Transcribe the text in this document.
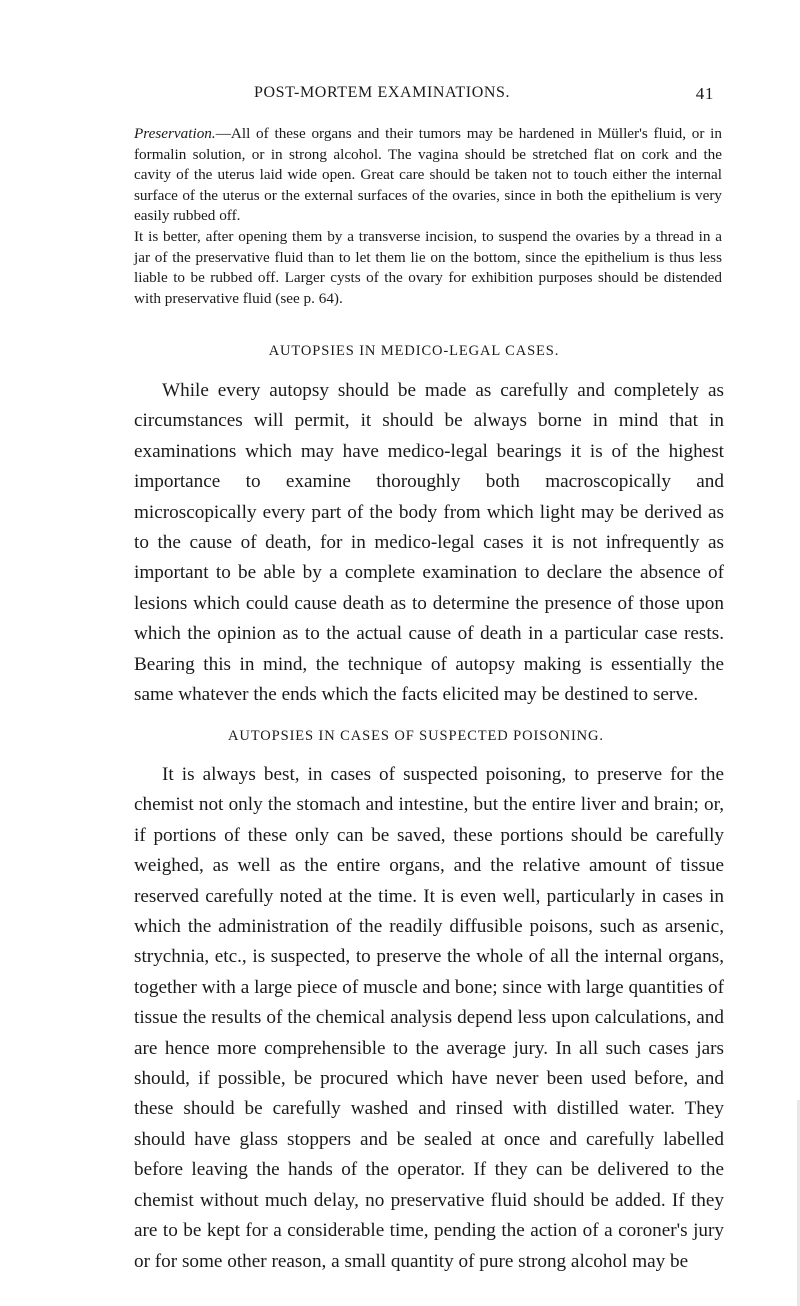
POST-MORTEM EXAMINATIONS.	41

Preservation.—All of these organs and their tumors may be hardened in Müller's fluid, or in formalin solution, or in strong alcohol. The vagina should be stretched flat on cork and the cavity of the uterus laid wide open. Great care should be taken not to touch either the internal surface of the uterus or the external surfaces of the ovaries, since in both the epithelium is very easily rubbed off.

It is better, after opening them by a transverse incision, to suspend the ovaries by a thread in a jar of the preservative fluid than to let them lie on the bottom, since the epithelium is thus less liable to be rubbed off. Larger cysts of the ovary for exhibition purposes should be distended with preservative fluid (see p. 64).

AUTOPSIES IN MEDICO-LEGAL CASES.

While every autopsy should be made as carefully and completely as circumstances will permit, it should be always borne in mind that in examinations which may have medico-legal bearings it is of the highest importance to examine thoroughly both macroscopically and microscopically every part of the body from which light may be derived as to the cause of death, for in medico-legal cases it is not infrequently as important to be able by a complete examination to declare the absence of lesions which could cause death as to determine the presence of those upon which the opinion as to the actual cause of death in a particular case rests. Bearing this in mind, the technique of autopsy making is essentially the same whatever the ends which the facts elicited may be destined to serve.

AUTOPSIES IN CASES OF SUSPECTED POISONING.

It is always best, in cases of suspected poisoning, to preserve for the chemist not only the stomach and intestine, but the entire liver and brain; or, if portions of these only can be saved, these portions should be carefully weighed, as well as the entire organs, and the relative amount of tissue reserved carefully noted at the time. It is even well, particularly in cases in which the administration of the readily diffusible poisons, such as arsenic, strychnia, etc., is suspected, to preserve the whole of all the internal organs, together with a large piece of muscle and bone; since with large quantities of tissue the results of the chemical analysis depend less upon calculations, and are hence more comprehensible to the average jury. In all such cases jars should, if possible, be procured which have never been used before, and these should be carefully washed and rinsed with distilled water. They should have glass stoppers and be sealed at once and carefully labelled before leaving the hands of the operator. If they can be delivered to the chemist without much delay, no preservative fluid should be added. If they are to be kept for a considerable time, pending the action of a coroner's jury or for some other reason, a small quantity of pure strong alcohol may be
